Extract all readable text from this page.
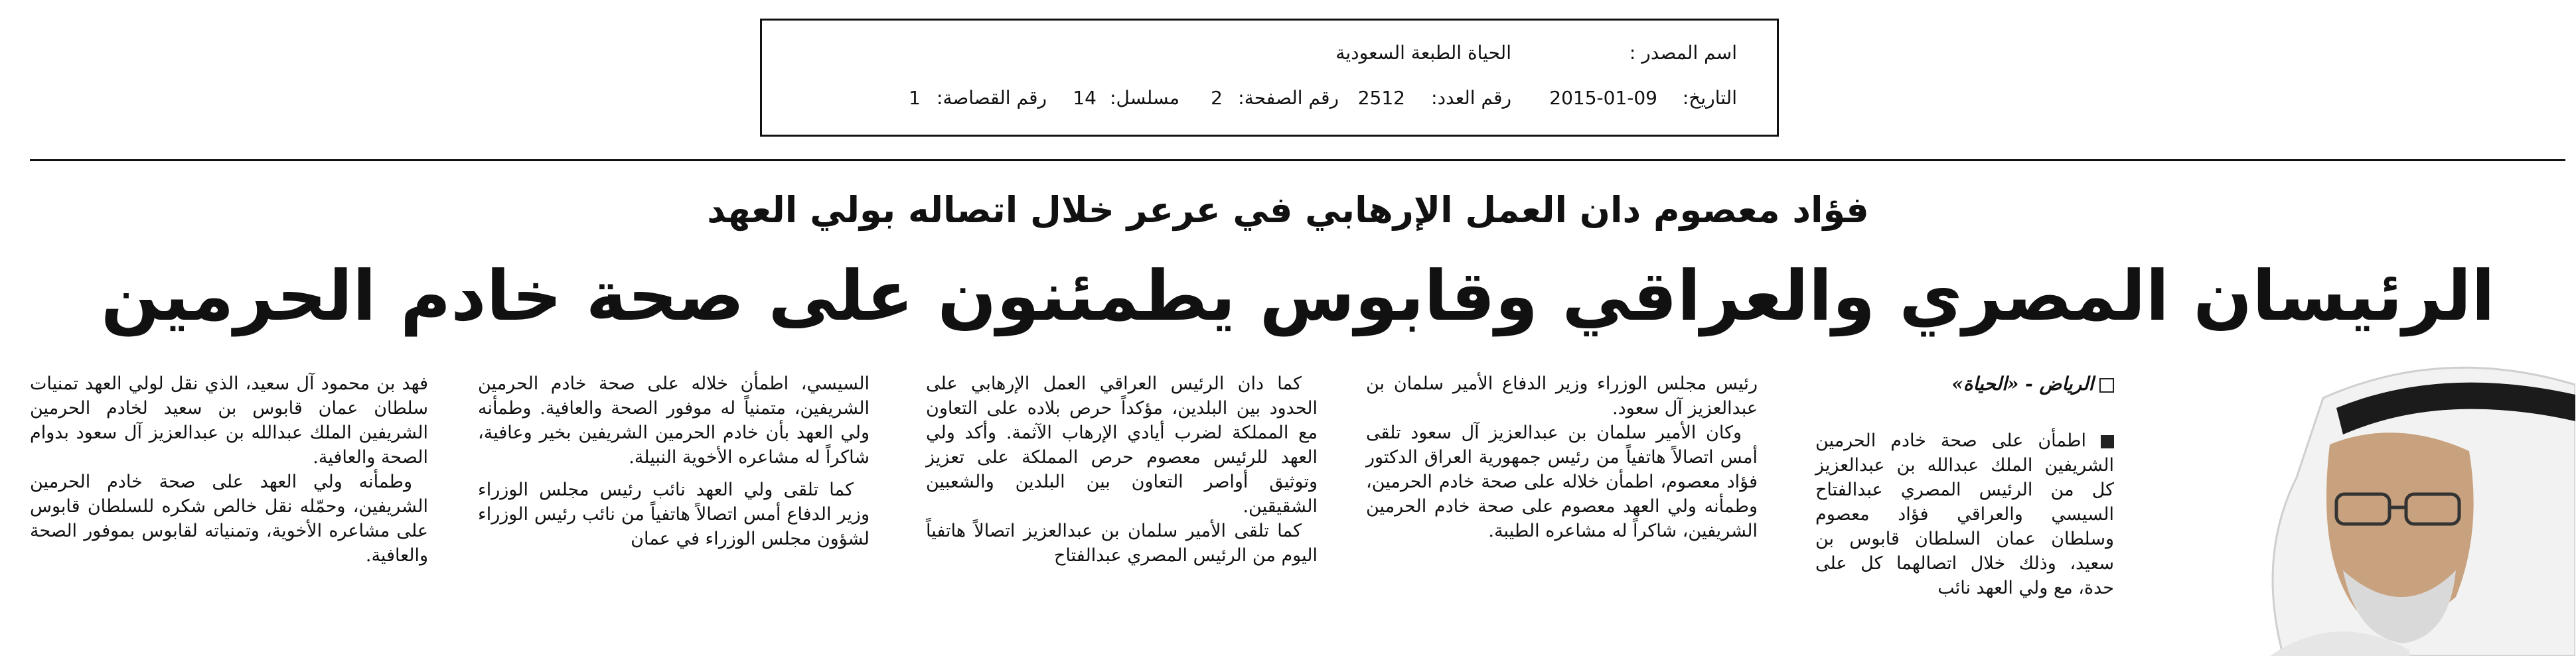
اسم المصدر :
الحياة الطبعة السعودية
التاريخ:
2015-01-09
رقم العدد:
2512
رقم الصفحة:
2
مسلسل:
14
رقم القصاصة:
1
فؤاد معصوم دان العمل الإرهابي في عرعر خلال اتصاله بولي العهد
الرئيسان المصري والعراقي وقابوس يطمئنون على صحة خادم الحرمين

الرياض - «الحياة»

اطمأن على صحة خادم الحرمين الشريفين الملك عبدالله بن عبدالعزيز كل من الرئيس المصري عبدالفتاح السيسي والعراقي فؤاد معصوم وسلطان عمان السلطان قابوس بن سعيد، وذلك خلال اتصالهما كل على حدة، مع ولي العهد نائب

رئيس مجلس الوزراء وزير الدفاع الأمير سلمان بن عبدالعزيز آل سعود.

وكان الأمير سلمان بن عبدالعزيز آل سعود تلقى أمس اتصالاً هاتفياً من رئيس جمهورية العراق الدكتور فؤاد معصوم، اطمأن خلاله على صحة خادم الحرمين، وطمأنه ولي العهد معصوم على صحة خادم الحرمين الشريفين، شاكراً له مشاعره الطيبة.

كما دان الرئيس العراقي العمل الإرهابي على الحدود بين البلدين، مؤكداً حرص بلاده على التعاون مع المملكة لضرب أيادي الإرهاب الآثمة. وأكد ولي العهد للرئيس معصوم حرص المملكة على تعزيز وتوثيق أواصر التعاون بين البلدين والشعبين الشقيقين.

كما تلقى الأمير سلمان بن عبدالعزيز اتصالاً هاتفياً اليوم من الرئيس المصري عبدالفتاح

السيسي، اطمأن خلاله على صحة خادم الحرمين الشريفين، متمنياً له موفور الصحة والعافية. وطمأنه ولي العهد بأن خادم الحرمين الشريفين بخير وعافية، شاكراً له مشاعره الأخوية النبيلة.

كما تلقى ولي العهد نائب رئيس مجلس الوزراء وزير الدفاع أمس اتصالاً هاتفياً من نائب رئيس الوزراء لشؤون مجلس الوزراء في عمان

فهد بن محمود آل سعيد، الذي نقل لولي العهد تمنيات سلطان عمان قابوس بن سعيد لخادم الحرمين الشريفين الملك عبدالله بن عبدالعزيز آل سعود بدوام الصحة والعافية.

وطمأنه ولي العهد على صحة خادم الحرمين الشريفين، وحمّله نقل خالص شكره للسلطان قابوس على مشاعره الأخوية، وتمنياته لقابوس بموفور الصحة والعافية.
